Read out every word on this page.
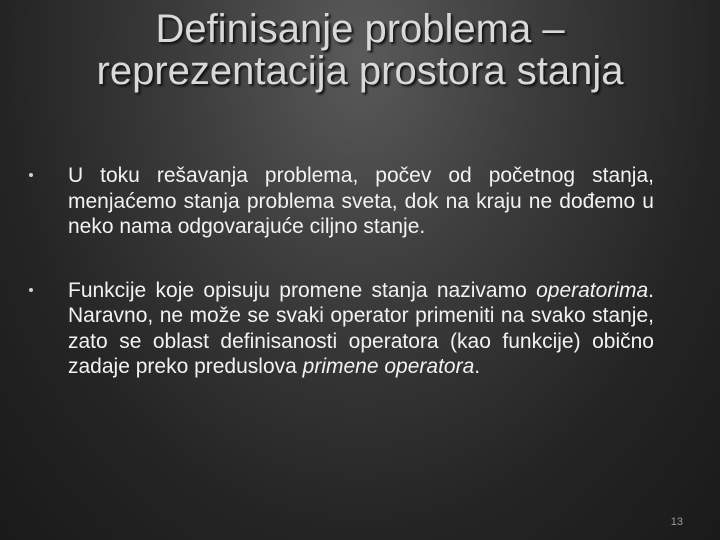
Definisanje problema –
reprezentacija prostora stanja
U toku rešavanja problema, počev od početnog stanja, menjaćemo stanja problema sveta, dok na kraju ne dođemo u neko nama odgovarajuće ciljno stanje.
Funkcije koje opisuju promene stanja nazivamo operatorima. Naravno, ne može se svaki operator primeniti na svako stanje, zato se oblast definisanosti operatora (kao funkcije) obično zadaje preko preduslova primene operatora.
13
